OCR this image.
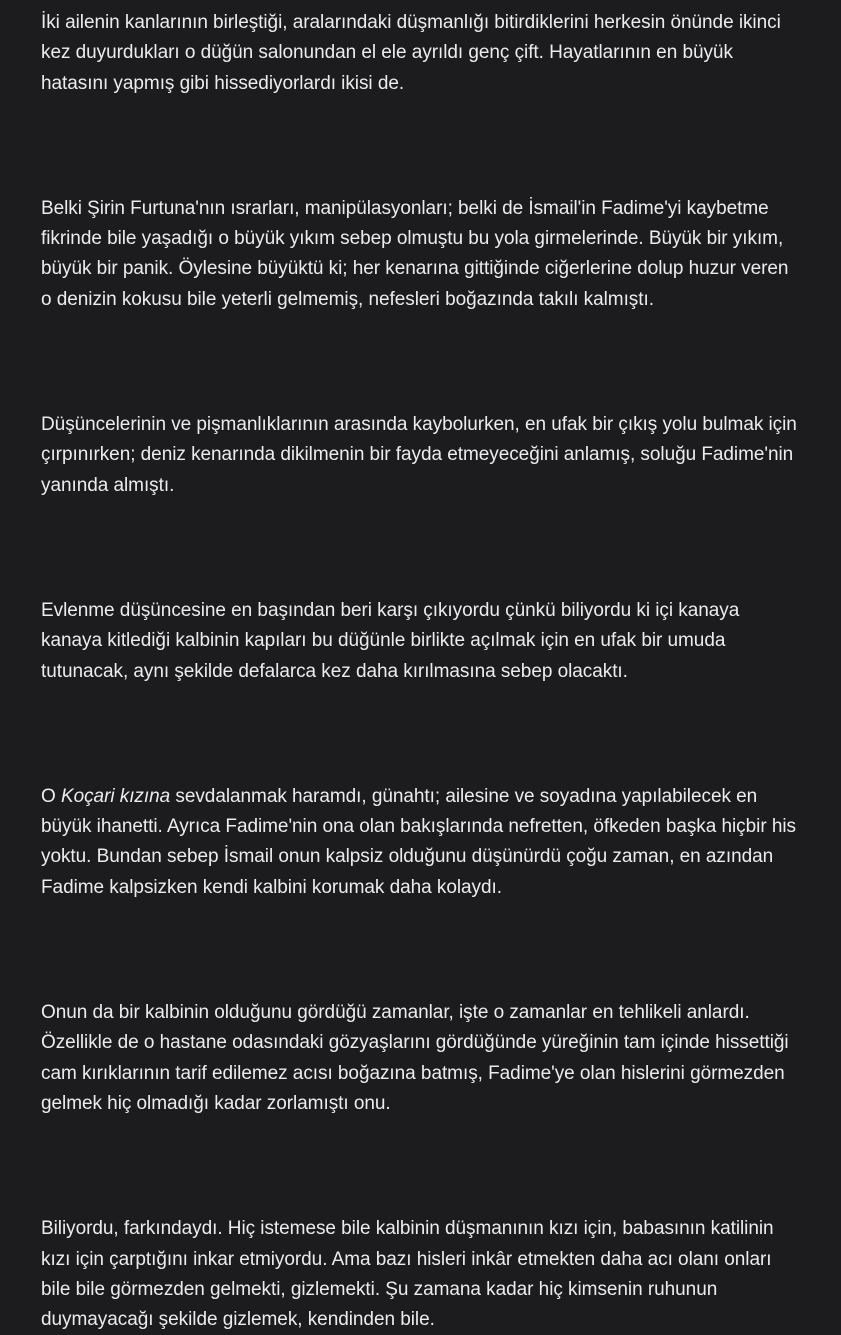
İki ailenin kanlarının birleştiği, aralarındaki düşmanlığı bitirdiklerini herkesin önünde ikinci kez duyurdukları o düğün salonundan el ele ayrıldı genç çift. Hayatlarının en büyük hatasını yapmış gibi hissediyorlardı ikisi de.

Belki Şirin Furtuna'nın ısrarları, manipülasyonları; belki de İsmail'in Fadime'yi kaybetme fikrinde bile yaşadığı o büyük yıkım sebep olmuştu bu yola girmelerinde. Büyük bir yıkım, büyük bir panik. Öylesine büyüktü ki; her kenarına gittiğinde ciğerlerine dolup huzur veren o denizin kokusu bile yeterli gelmemiş, nefesleri boğazında takılı kalmıştı.

Düşüncelerinin ve pişmanlıklarının arasında kaybolurken, en ufak bir çıkış yolu bulmak için çırpınırken; deniz kenarında dikilmenin bir fayda etmeyeceğini anlamış, soluğu Fadime'nin yanında almıştı.

Evlenme düşüncesine en başından beri karşı çıkıyordu çünkü biliyordu ki içi kanaya kanaya kitlediği kalbinin kapıları bu düğünle birlikte açılmak için en ufak bir umuda tutunacak, aynı şekilde defalarca kez daha kırılmasına sebep olacaktı.

O Koçari kızına sevdalanmak haramdı, günahtı; ailesine ve soyadına yapılabilecek en büyük ihanetti. Ayrıca Fadime'nin ona olan bakışlarında nefretten, öfkeden başka hiçbir his yoktu. Bundan sebep İsmail onun kalpsiz olduğunu düşünürdü çoğu zaman, en azından Fadime kalpsizken kendi kalbini korumak daha kolaydı.

Onun da bir kalbinin olduğunu gördüğü zamanlar, işte o zamanlar en tehlikeli anlardı. Özellikle de o hastane odasındaki gözyaşlarını gördüğünde yüreğinin tam içinde hissettiği cam kırıklarının tarif edilemez acısı boğazına batmış, Fadime'ye olan hislerini görmezden gelmek hiç olmadığı kadar zorlamıştı onu.

Biliyordu, farkındaydı. Hiç istemese bile kalbinin düşmanının kızı için, babasının katilinin kızı için çarptığını inkar etmiyordu. Ama bazı hisleri inkâr etmekten daha acı olanı onları bile bile görmezden gelmekti, gizlemekti. Şu zamana kadar hiç kimsenin ruhunun duymayacağı şekilde gizlemek, kendinden bile.
